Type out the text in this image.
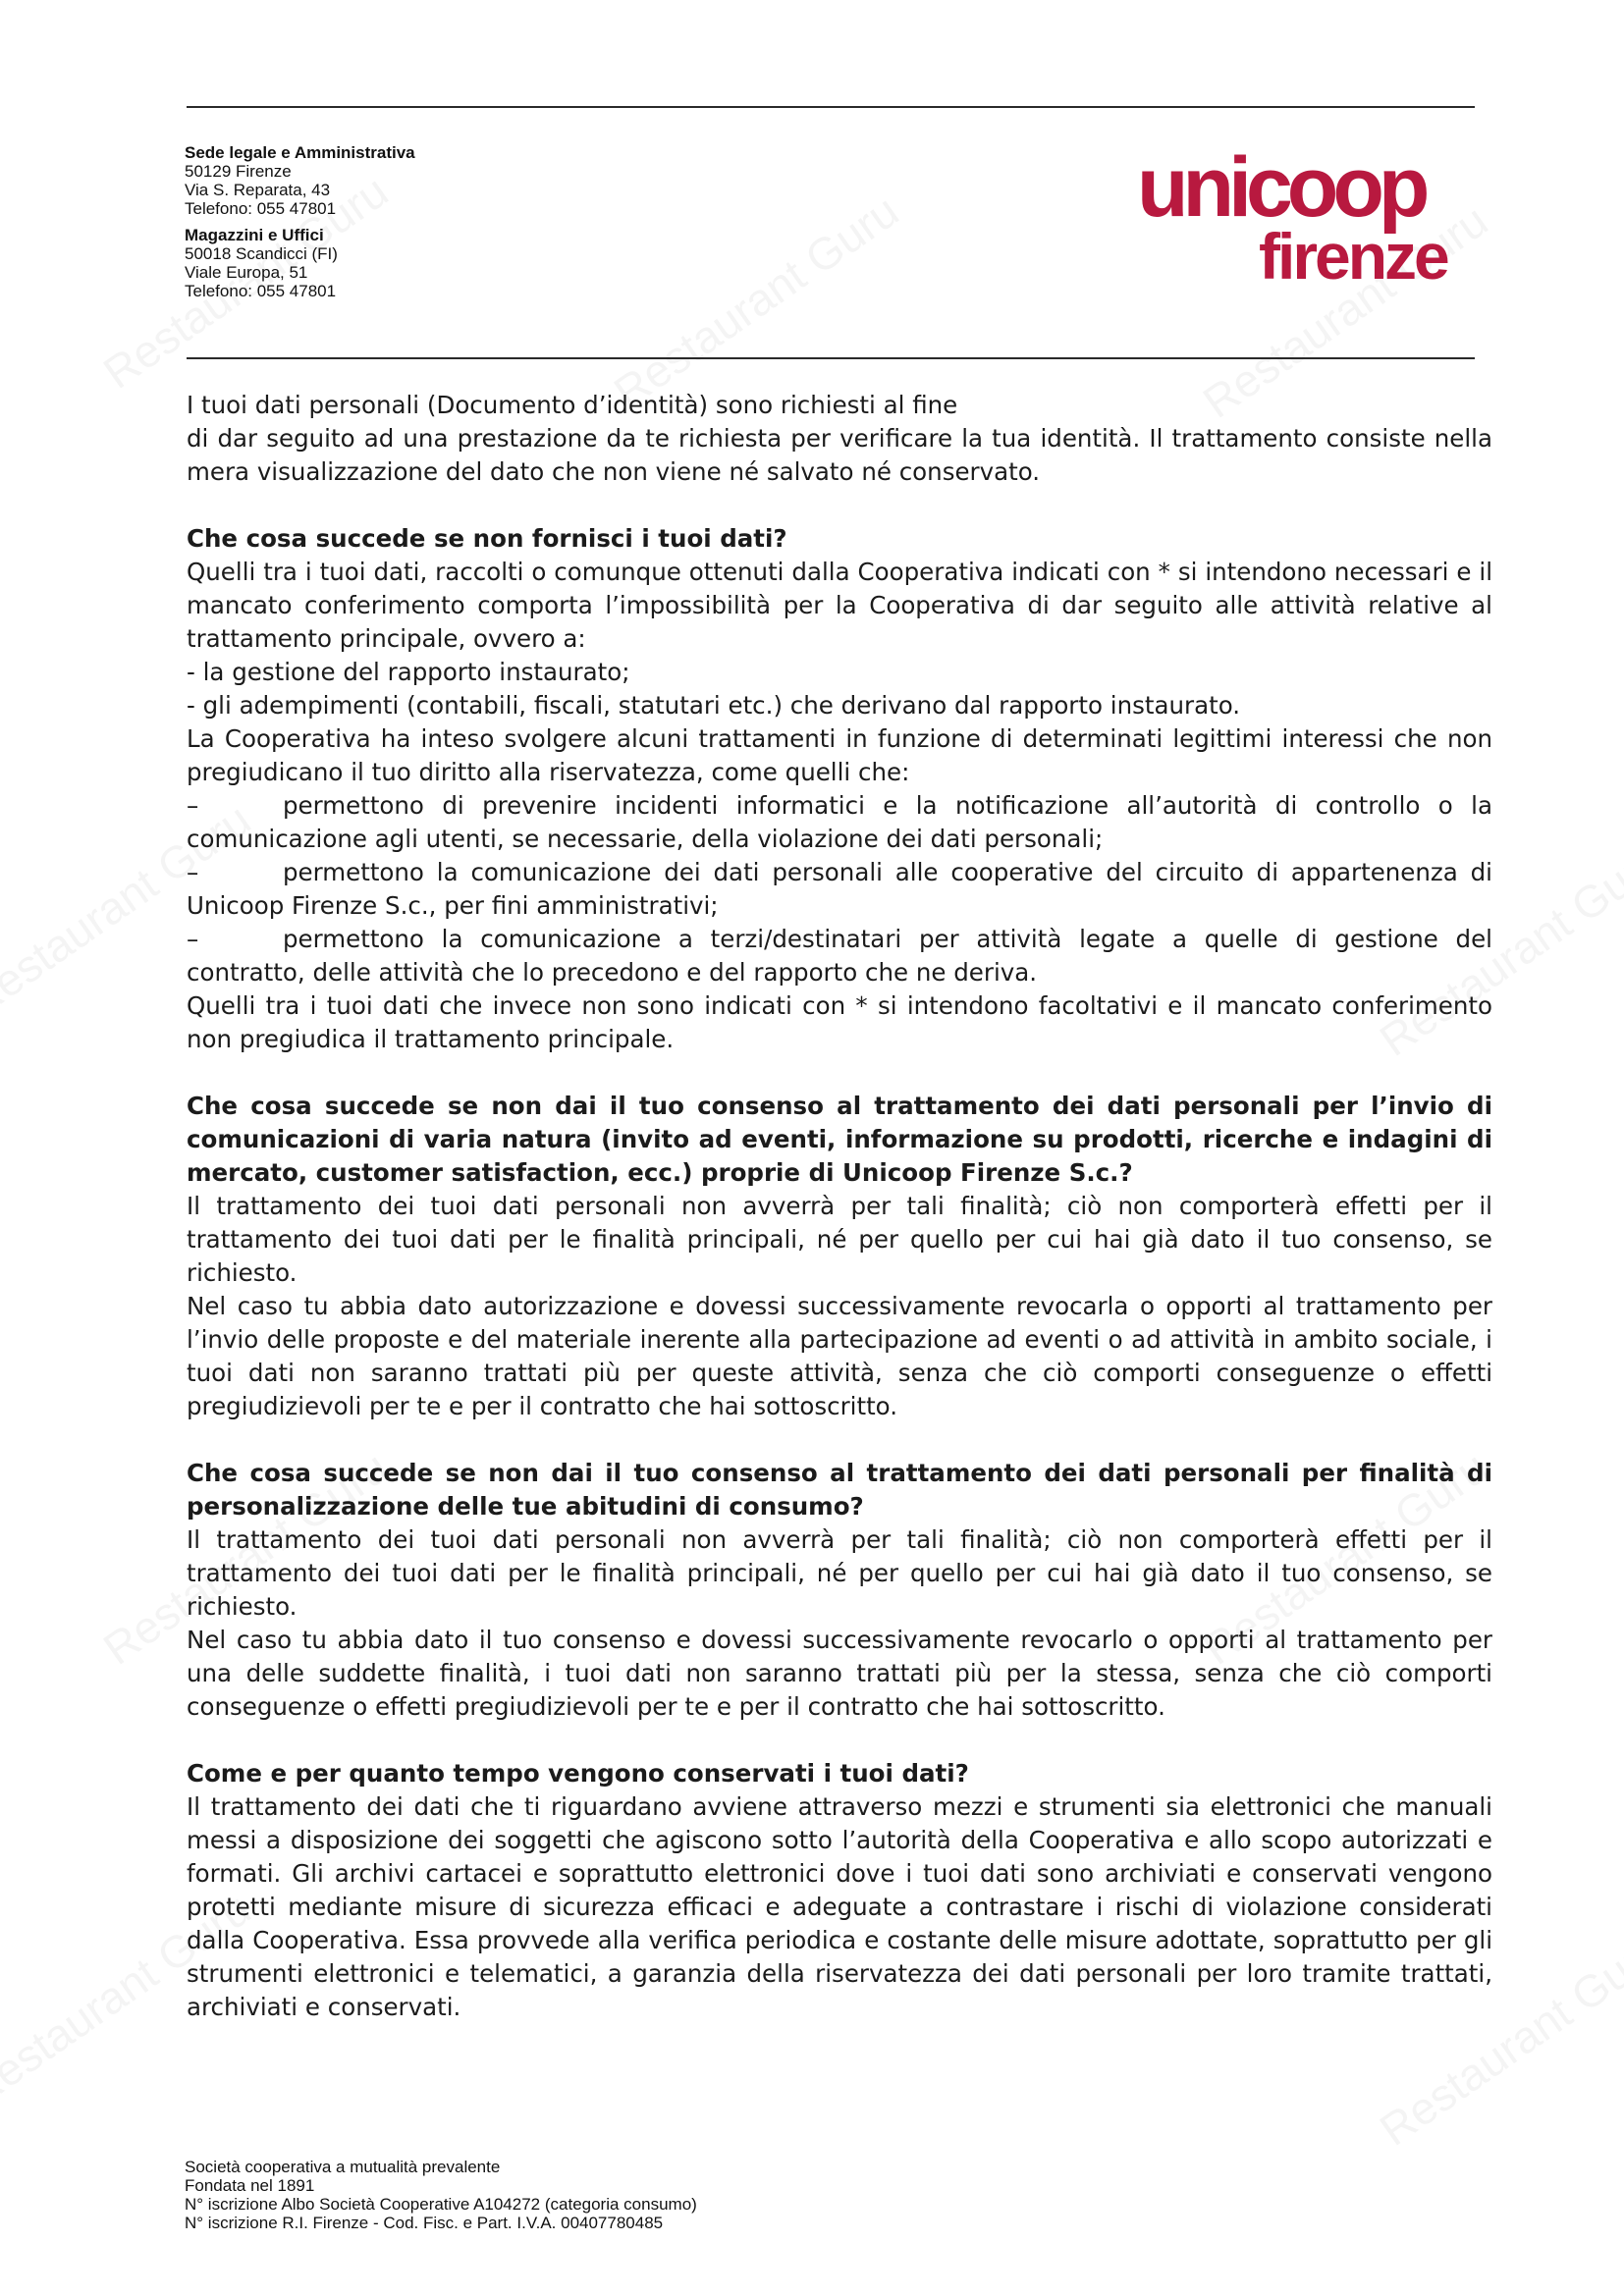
Sede legale e Amministrativa
50129 Firenze
Via S. Reparata, 43
Telefono: 055 47801
Magazzini e Uffici
50018 Scandicci (FI)
Viale Europa, 51
Telefono: 055 47801
unicoop
firenze

I tuoi dati personali (Documento d’identità) sono richiesti al fine

di dar seguito ad una prestazione da te richiesta per verificare la tua identità. Il trattamento consiste nella mera visualizzazione del dato che non viene né salvato né conservato.

Che cosa succede se non fornisci i tuoi dati?

Quelli tra i tuoi dati, raccolti o comunque ottenuti dalla Cooperativa indicati con * si intendono necessari e il mancato conferimento comporta l’impossibilità per la Cooperativa di dar seguito alle attività relative al trattamento principale, ovvero a:

- la gestione del rapporto instaurato;

- gli adempimenti (contabili, fiscali, statutari etc.) che derivano dal rapporto instaurato.

La Cooperativa ha inteso svolgere alcuni trattamenti in funzione di determinati legittimi interessi che non pregiudicano il tuo diritto alla riservatezza, come quelli che:

–	permettono di prevenire incidenti informatici e la notificazione all’autorità di controllo o la comunicazione agli utenti, se necessarie, della violazione dei dati personali;

–	permettono la comunicazione dei dati personali alle cooperative del circuito di appartenenza di Unicoop Firenze S.c., per fini amministrativi;

–	permettono la comunicazione a terzi/destinatari per attività legate a quelle di gestione del contratto, delle attività che lo precedono e del rapporto che ne deriva.

Quelli tra i tuoi dati che invece non sono indicati con * si intendono facoltativi e il mancato conferimento non pregiudica il trattamento principale.

Che cosa succede se non dai il tuo consenso al trattamento dei dati personali per l’invio di comunicazioni di varia natura (invito ad eventi, informazione su prodotti, ricerche e indagini di mercato, customer satisfaction, ecc.) proprie di Unicoop Firenze S.c.?

Il trattamento dei tuoi dati personali non avverrà per tali finalità; ciò non comporterà effetti per il trattamento dei tuoi dati per le finalità principali, né per quello per cui hai già dato il tuo consenso, se richiesto.

Nel caso tu abbia dato autorizzazione e dovessi successivamente revocarla o opporti al trattamento per l’invio delle proposte e del materiale inerente alla partecipazione ad eventi o ad attività in ambito sociale, i tuoi dati non saranno trattati più per queste attività, senza che ciò comporti conseguenze o effetti pregiudizievoli per te e per il contratto che hai sottoscritto.

Che cosa succede se non dai il tuo consenso al trattamento dei dati personali per finalità di personalizzazione delle tue abitudini di consumo?

Il trattamento dei tuoi dati personali non avverrà per tali finalità; ciò non comporterà effetti per il trattamento dei tuoi dati per le finalità principali, né per quello per cui hai già dato il tuo consenso, se richiesto.

Nel caso tu abbia dato il tuo consenso e dovessi successivamente revocarlo o opporti al trattamento per una delle suddette finalità, i tuoi dati non saranno trattati più per la stessa, senza che ciò comporti conseguenze o effetti pregiudizievoli per te e per il contratto che hai sottoscritto.

Come e per quanto tempo vengono conservati i tuoi dati?

Il trattamento dei dati che ti riguardano avviene attraverso mezzi e strumenti sia elettronici che manuali messi a disposizione dei soggetti che agiscono sotto l’autorità della Cooperativa e allo scopo autorizzati e formati. Gli archivi cartacei e soprattutto elettronici dove i tuoi dati sono archiviati e conservati vengono protetti mediante misure di sicurezza efficaci e adeguate a contrastare i rischi di violazione considerati dalla Cooperativa. Essa provvede alla verifica periodica e costante delle misure adottate, soprattutto per gli strumenti elettronici e telematici, a garanzia della riservatezza dei dati personali per loro tramite trattati, archiviati e conservati.

Società cooperativa a mutualità prevalente
Fondata nel 1891
N° iscrizione Albo Società Cooperative A104272 (categoria consumo)
N° iscrizione R.I. Firenze - Cod. Fisc. e Part. I.V.A. 00407780485
